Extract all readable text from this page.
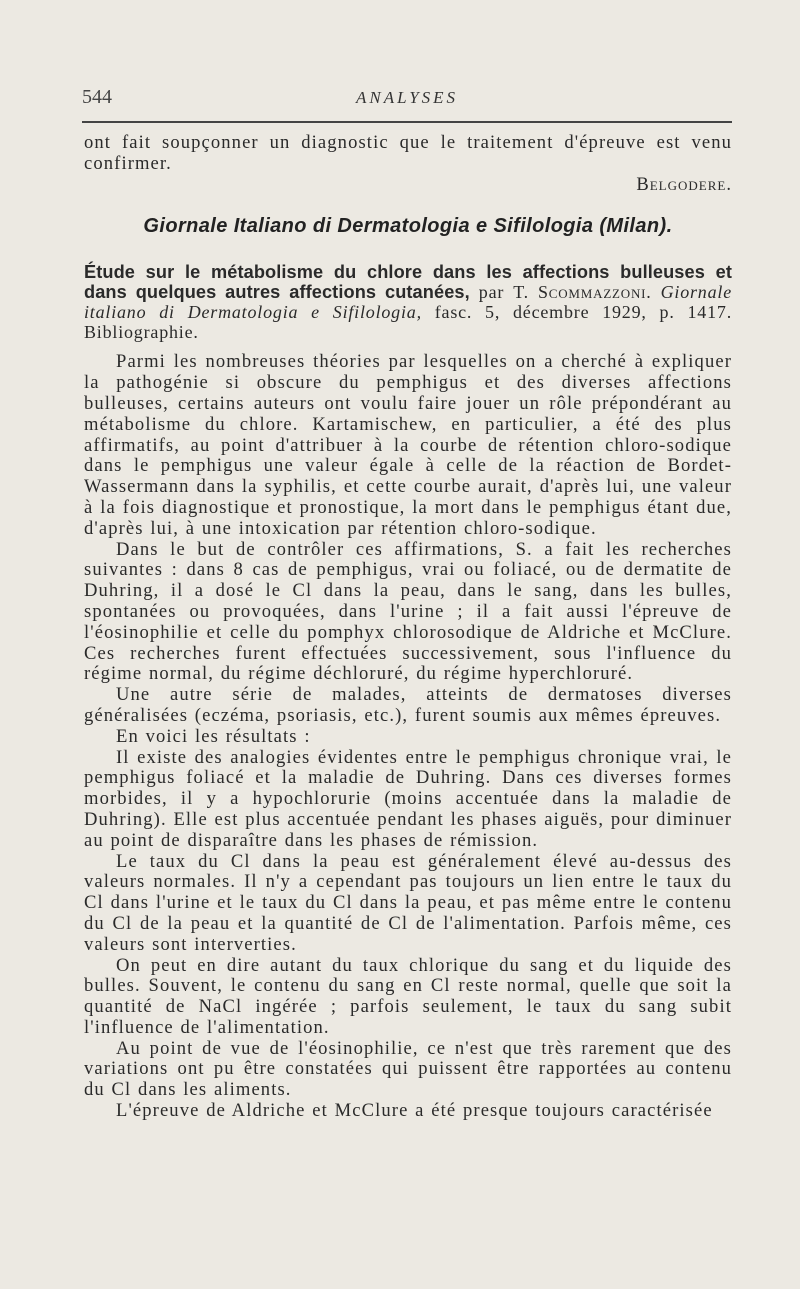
544	ANALYSES

ont fait soupçonner un diagnostic que le traitement d'épreuve est venu confirmer.

Belgodere.

Giornale Italiano di Dermatologia e Sifilologia (Milan).

Étude sur le métabolisme du chlore dans les affections bulleuses et dans quelques autres affections cutanées, par T. Scommazzoni. Giornale italiano di Dermatologia e Sifilologia, fasc. 5, décembre 1929, p. 1417. Bibliographie.

Parmi les nombreuses théories par lesquelles on a cherché à expliquer la pathogénie si obscure du pemphigus et des diverses affections bulleuses, certains auteurs ont voulu faire jouer un rôle prépondérant au métabolisme du chlore. Kartamischew, en particulier, a été des plus affirmatifs, au point d'attribuer à la courbe de rétention chloro-sodique dans le pemphigus une valeur égale à celle de la réaction de Bordet-Wassermann dans la syphilis, et cette courbe aurait, d'après lui, une valeur à la fois diagnostique et pronostique, la mort dans le pemphigus étant due, d'après lui, à une intoxication par rétention chloro-sodique.

Dans le but de contrôler ces affirmations, S. a fait les recherches suivantes : dans 8 cas de pemphigus, vrai ou foliacé, ou de dermatite de Duhring, il a dosé le Cl dans la peau, dans le sang, dans les bulles, spontanées ou provoquées, dans l'urine ; il a fait aussi l'épreuve de l'éosinophilie et celle du pomphyx chlorosodique de Aldriche et McClure. Ces recherches furent effectuées successivement, sous l'influence du régime normal, du régime déchloruré, du régime hyperchloruré.

Une autre série de malades, atteints de dermatoses diverses généralisées (eczéma, psoriasis, etc.), furent soumis aux mêmes épreuves.

En voici les résultats :

Il existe des analogies évidentes entre le pemphigus chronique vrai, le pemphigus foliacé et la maladie de Duhring. Dans ces diverses formes morbides, il y a hypochlorurie (moins accentuée dans la maladie de Duhring). Elle est plus accentuée pendant les phases aiguës, pour diminuer au point de disparaître dans les phases de rémission.

Le taux du Cl dans la peau est généralement élevé au-dessus des valeurs normales. Il n'y a cependant pas toujours un lien entre le taux du Cl dans l'urine et le taux du Cl dans la peau, et pas même entre le contenu du Cl de la peau et la quantité de Cl de l'alimentation. Parfois même, ces valeurs sont interverties.

On peut en dire autant du taux chlorique du sang et du liquide des bulles. Souvent, le contenu du sang en Cl reste normal, quelle que soit la quantité de NaCl ingérée ; parfois seulement, le taux du sang subit l'influence de l'alimentation.

Au point de vue de l'éosinophilie, ce n'est que très rarement que des variations ont pu être constatées qui puissent être rapportées au contenu du Cl dans les aliments.

L'épreuve de Aldriche et McClure a été presque toujours caractérisée
